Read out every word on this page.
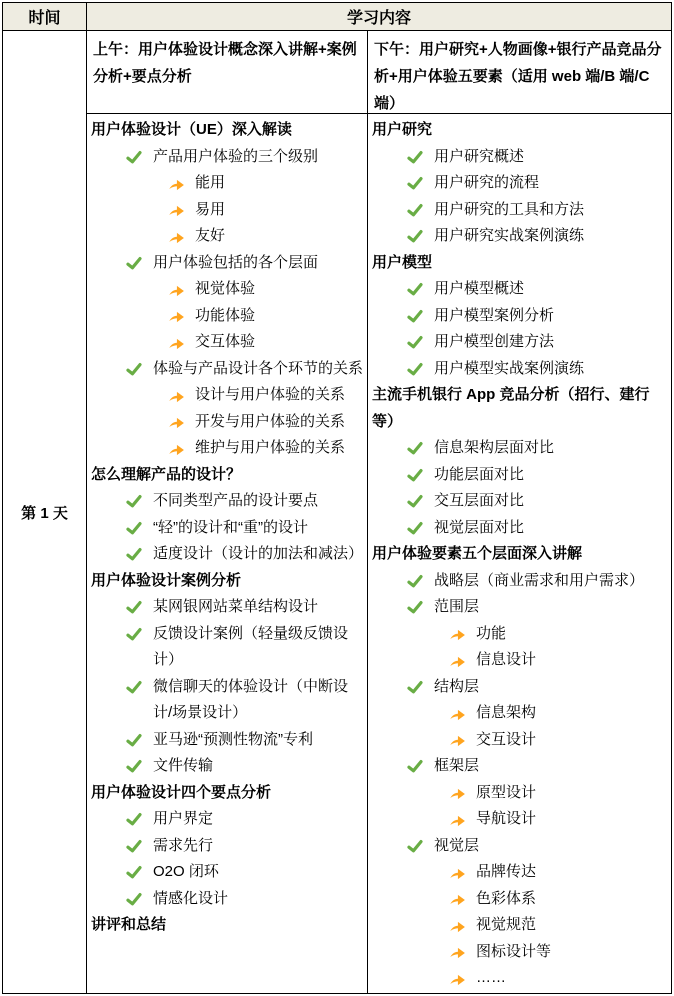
时间	学习内容
第 1 天
上午：用户体验设计概念深入讲解+案例分析+要点分析
下午：用户研究+人物画像+银行产品竞品分析+用户体验五要素（适用 web 端/B 端/C 端）
用户体验设计（UE）深入解读
产品用户体验的三个级别
能用
易用
友好
用户体验包括的各个层面
视觉体验
功能体验
交互体验
体验与产品设计各个环节的关系
设计与用户体验的关系
开发与用户体验的关系
维护与用户体验的关系
怎么理解产品的设计？
不同类型产品的设计要点
“轻”的设计和“重”的设计
适度设计（设计的加法和减法）
用户体验设计案例分析
某网银网站菜单结构设计
反馈设计案例（轻量级反馈设计）
微信聊天的体验设计（中断设计/场景设计）
亚马逊“预测性物流”专利
文件传输
用户体验设计四个要点分析
用户界定
需求先行
O2O 闭环
情感化设计
讲评和总结
用户研究
用户研究概述
用户研究的流程
用户研究的工具和方法
用户研究实战案例演练
用户模型
用户模型概述
用户模型案例分析
用户模型创建方法
用户模型实战案例演练
主流手机银行 App 竞品分析（招行、建行等）
信息架构层面对比
功能层面对比
交互层面对比
视觉层面对比
用户体验要素五个层面深入讲解
战略层（商业需求和用户需求）
范围层
功能
信息设计
结构层
信息架构
交互设计
框架层
原型设计
导航设计
视觉层
品牌传达
色彩体系
视觉规范
图标设计等
……
